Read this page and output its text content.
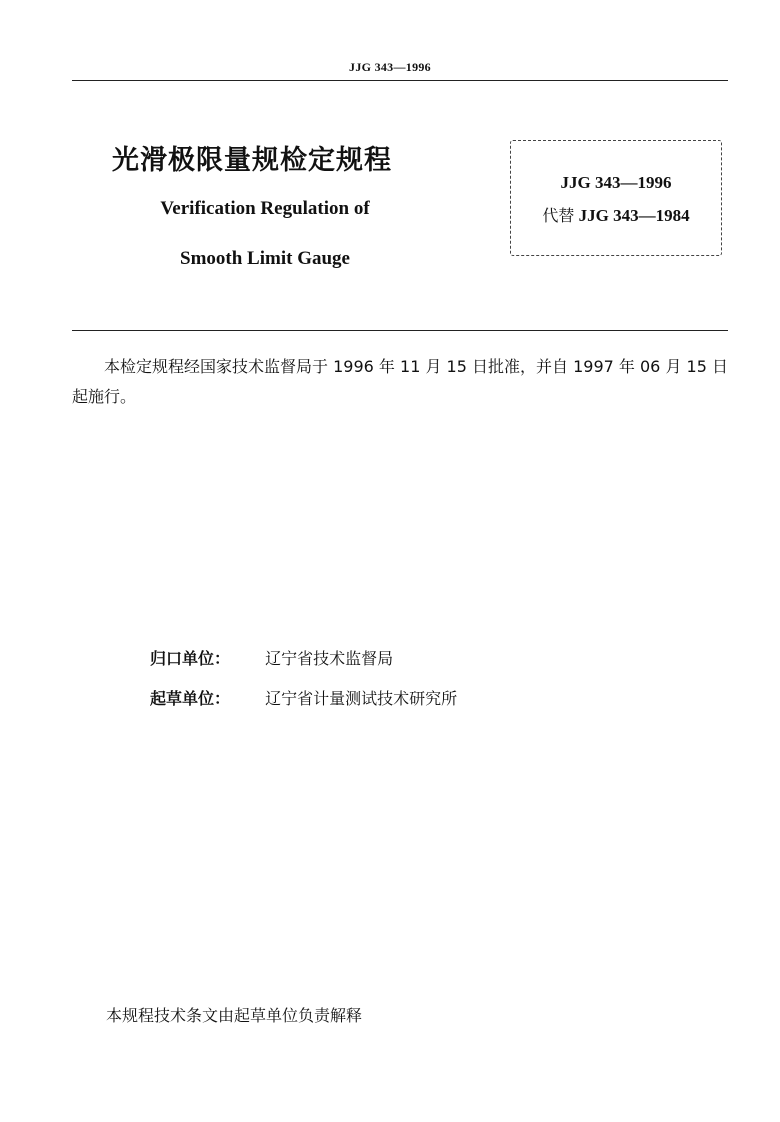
JJG 343—1996
光滑极限量规检定规程
Verification Regulation of
Smooth Limit Gauge
JJG 343—1996
代替 JJG 343—1984
本检定规程经国家技术监督局于 1996 年 11 月 15 日批准，并自 1997 年 06 月 15 日起施行。
归口单位： 辽宁省技术监督局
起草单位： 辽宁省计量测试技术研究所
本规程技术条文由起草单位负责解释
